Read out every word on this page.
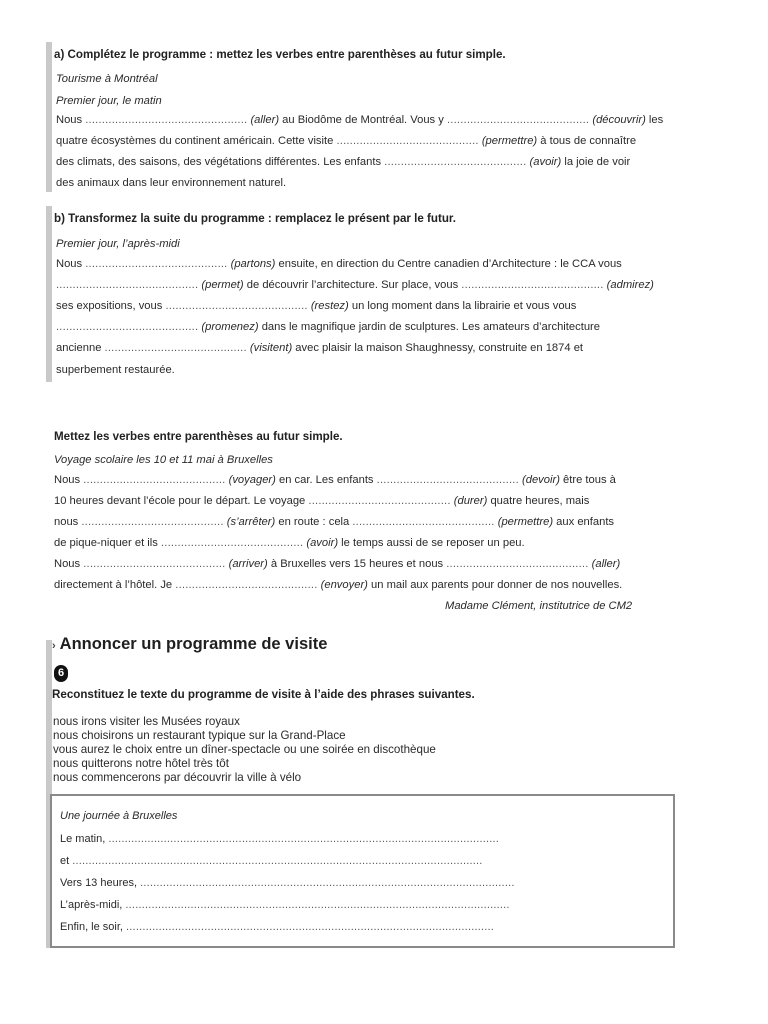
a) Complétez le programme : mettez les verbes entre parenthèses au futur simple.
Tourisme à Montréal
Premier jour, le matin
Nous ................................................. (aller) au Biodôme de Montréal. Vous y ........................................... (découvrir) les
quatre écosystèmes du continent américain. Cette visite ........................................... (permettre) à tous de connaître
des climats, des saisons, des végétations différentes. Les enfants ........................................... (avoir) la joie de voir
des animaux dans leur environnement naturel.
b) Transformez la suite du programme : remplacez le présent par le futur.
Premier jour, l’après-midi
Nous ........................................... (partons) ensuite, en direction du Centre canadien d’Architecture : le CCA vous
........................................... (permet) de découvrir l’architecture. Sur place, vous ........................................... (admirez)
ses expositions, vous ........................................... (restez) un long moment dans la librairie et vous vous
........................................... (promenez) dans le magnifique jardin de sculptures. Les amateurs d’architecture
ancienne ........................................... (visitent) avec plaisir la maison Shaughnessy, construite en 1874 et
superbement restaurée.
Mettez les verbes entre parenthèses au futur simple.
Voyage scolaire les 10 et 11 mai à Bruxelles
Nous ........................................... (voyager) en car. Les enfants ........................................... (devoir) être tous à
10 heures devant l’école pour le départ. Le voyage ........................................... (durer) quatre heures, mais
nous ........................................... (s’arrêter) en route : cela ........................................... (permettre) aux enfants
de pique-niquer et ils ........................................... (avoir) le temps aussi de se reposer un peu.
Nous ........................................... (arriver) à Bruxelles vers 15 heures et nous ........................................... (aller)
directement à l’hôtel. Je ........................................... (envoyer) un mail aux parents pour donner de nos nouvelles.
Madame Clément, institutrice de CM2
› Annoncer un programme de visite
6
Reconstituez le texte du programme de visite à l’aide des phrases suivantes.
nous irons visiter les Musées royaux
nous choisirons un restaurant typique sur la Grand-Place
vous aurez le choix entre un dîner-spectacle ou une soirée en discothèque
nous quitterons notre hôtel très tôt
nous commencerons par découvrir la ville à vélo
Une journée à Bruxelles
Le matin, ........................................................................................................................
et ..............................................................................................................................
Vers 13 heures, ...................................................................................................................
L’après-midi, ......................................................................................................................
Enfin, le soir, .................................................................................................................
